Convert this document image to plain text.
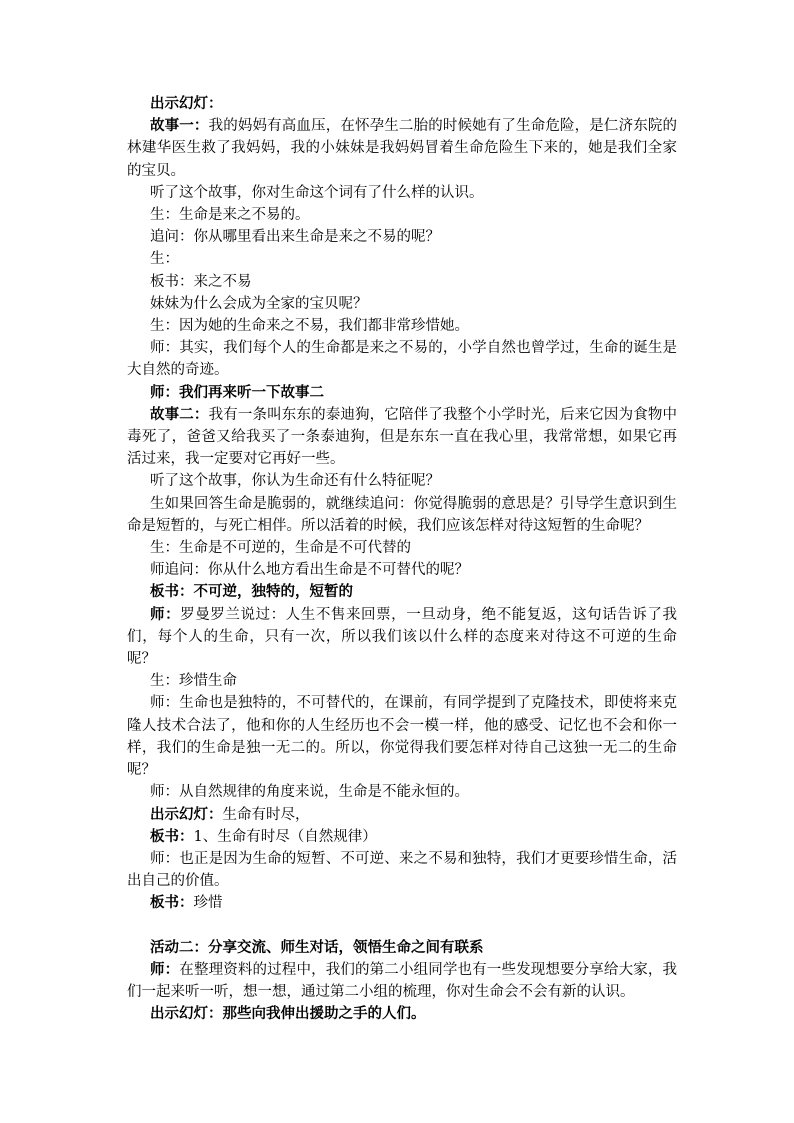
出示幻灯：

故事一：我的妈妈有高血压，在怀孕生二胎的时候她有了生命危险，是仁济东院的林建华医生救了我妈妈，我的小妹妹是我妈妈冒着生命危险生下来的，她是我们全家的宝贝。

听了这个故事，你对生命这个词有了什么样的认识。

生：生命是来之不易的。

追问：你从哪里看出来生命是来之不易的呢？

生：

板书：来之不易

妹妹为什么会成为全家的宝贝呢？

生：因为她的生命来之不易，我们都非常珍惜她。

师：其实，我们每个人的生命都是来之不易的，小学自然也曾学过，生命的诞生是大自然的奇迹。

师：我们再来听一下故事二

故事二：我有一条叫东东的泰迪狗，它陪伴了我整个小学时光，后来它因为食物中毒死了，爸爸又给我买了一条泰迪狗，但是东东一直在我心里，我常常想，如果它再活过来，我一定要对它再好一些。

听了这个故事，你认为生命还有什么特征呢？

生如果回答生命是脆弱的，就继续追问：你觉得脆弱的意思是？引导学生意识到生命是短暂的，与死亡相伴。所以活着的时候，我们应该怎样对待这短暂的生命呢？

生：生命是不可逆的，生命是不可代替的

师追问：你从什么地方看出生命是不可替代的呢？

板书：不可逆，独特的，短暂的

师：罗曼罗兰说过：人生不售来回票，一旦动身，绝不能复返，这句话告诉了我们，每个人的生命，只有一次，所以我们该以什么样的态度来对待这不可逆的生命呢？

生：珍惜生命

师：生命也是独特的，不可替代的，在课前，有同学提到了克隆技术，即使将来克隆人技术合法了，他和你的人生经历也不会一模一样，他的感受、记忆也不会和你一样，我们的生命是独一无二的。所以，你觉得我们要怎样对待自己这独一无二的生命呢？

师：从自然规律的角度来说，生命是不能永恒的。

出示幻灯：生命有时尽，

板书：1、生命有时尽（自然规律）

师：也正是因为生命的短暂、不可逆、来之不易和独特，我们才更要珍惜生命，活出自己的价值。

板书：珍惜

活动二：分享交流、师生对话，领悟生命之间有联系

师：在整理资料的过程中，我们的第二小组同学也有一些发现想要分享给大家，我们一起来听一听，想一想，通过第二小组的梳理，你对生命会不会有新的认识。

出示幻灯：那些向我伸出援助之手的人们。
